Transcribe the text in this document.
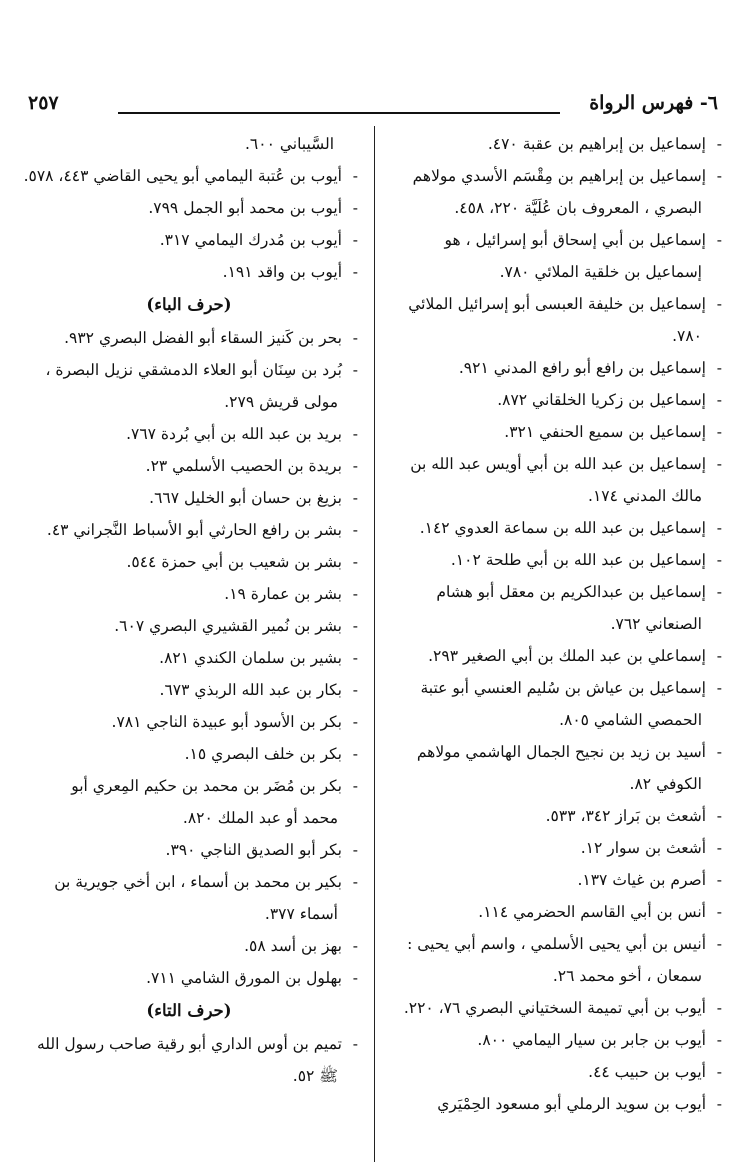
٦- فهرس الرواة
٢٥٧
-إسماعيل بن إبراهيم بن عقبة ٤٧٠.
-إسماعيل بن إبراهيم بن مِقْسَم الأسدي مولاهم
البصري ، المعروف بان عُلَيَّة ٢٢٠، ٤٥٨.
-إسماعيل بن أبي إسحاق أبو إسرائيل ، هو
إسماعيل بن خلقية الملائي ٧٨٠.
-إسماعيل بن خليفة العبسى أبو إسرائيل الملائي
٧٨٠.
-إسماعيل بن رافع أبو رافع المدني ٩٢١.
-إسماعيل بن زكريا الخلقاني ٨٧٢.
-إسماعيل بن سميع الحنفي ٣٢١.
-إسماعيل بن عبد الله بن أبي أويس عبد الله بن
مالك المدني ١٧٤.
-إسماعيل بن عبد الله بن سماعة العدوي ١٤٢.
-إسماعيل بن عبد الله بن أبي طلحة ١٠٢.
-إسماعيل بن عبدالكريم بن معقل أبو هشام
الصنعاني ٧٦٢.
-إسماعلي بن عبد الملك بن أبي الصغير ٢٩٣.
-إسماعيل بن عياش بن سُليم العنسي أبو عتبة
الحمصي الشامي ٨٠٥.
-أسيد بن زيد بن نجيح الجمال الهاشمي مولاهم
الكوفي ٨٢.
-أشعث بن بَراز ٣٤٢، ٥٣٣.
-أشعث بن سوار ١٢.
-أصرم بن غياث ١٣٧.
-أنس بن أبي القاسم الحضرمي ١١٤.
-أنيس بن أبي يحيى الأسلمي ، واسم أبي يحيى :
سمعان ، أخو محمد ٢٦.
-أيوب بن أبي تميمة السختياني البصري ٧٦، ٢٢٠.
-أيوب بن جابر بن سيار اليمامي ٨٠٠.
-أيوب بن حبيب ٤٤.
-أيوب بن سويد الرملي أبو مسعود الحِمْيَري
السَّيباني ٦٠٠.
-أيوب بن عُتبة اليمامي أبو يحيى القاضي ٤٤٣، ٥٧٨.
-أيوب بن محمد أبو الجمل ٧٩٩.
-أيوب بن مُدرك اليمامي ٣١٧.
-أيوب بن واقد ١٩١.
(حرف الباء)
-بحر بن كَنيز السقاء أبو الفضل البصري ٩٣٢.
-بُرد بن سِنَان أبو العلاء الدمشقي نزيل البصرة ،
مولى قريش ٢٧٩.
-بريد بن عبد الله بن أبي بُردة ٧٦٧.
-بريدة بن الحصيب الأسلمي ٢٣.
-بزيغ بن حسان أبو الخليل ٦٦٧.
-بشر بن رافع الحارثي أبو الأسباط النَّجراني ٤٣.
-بشر بن شعيب بن أبي حمزة ٥٤٤.
-بشر بن عمارة ١٩.
-بشر بن نُمير القشيري البصري ٦٠٧.
-بشير بن سلمان الكندي ٨٢١.
-بكار بن عبد الله الربذي ٦٧٣.
-بكر بن الأسود أبو عبيدة الناجي ٧٨١.
-بكر بن خلف البصري ١٥.
-بكر بن مُضَر بن محمد بن حكيم المِعري أبو
محمد أو عبد الملك ٨٢٠.
-بكر أبو الصديق الناجي ٣٩٠.
-بكير بن محمد بن أسماء ، ابن أخي جويرية بن
أسماء ٣٧٧.
-بهز بن أسد ٥٨.
-بهلول بن المورق الشامي ٧١١.
(حرف التاء)
-تميم بن أوس الداري أبو رقية صاحب رسول الله
ﷺ ٥٢.
